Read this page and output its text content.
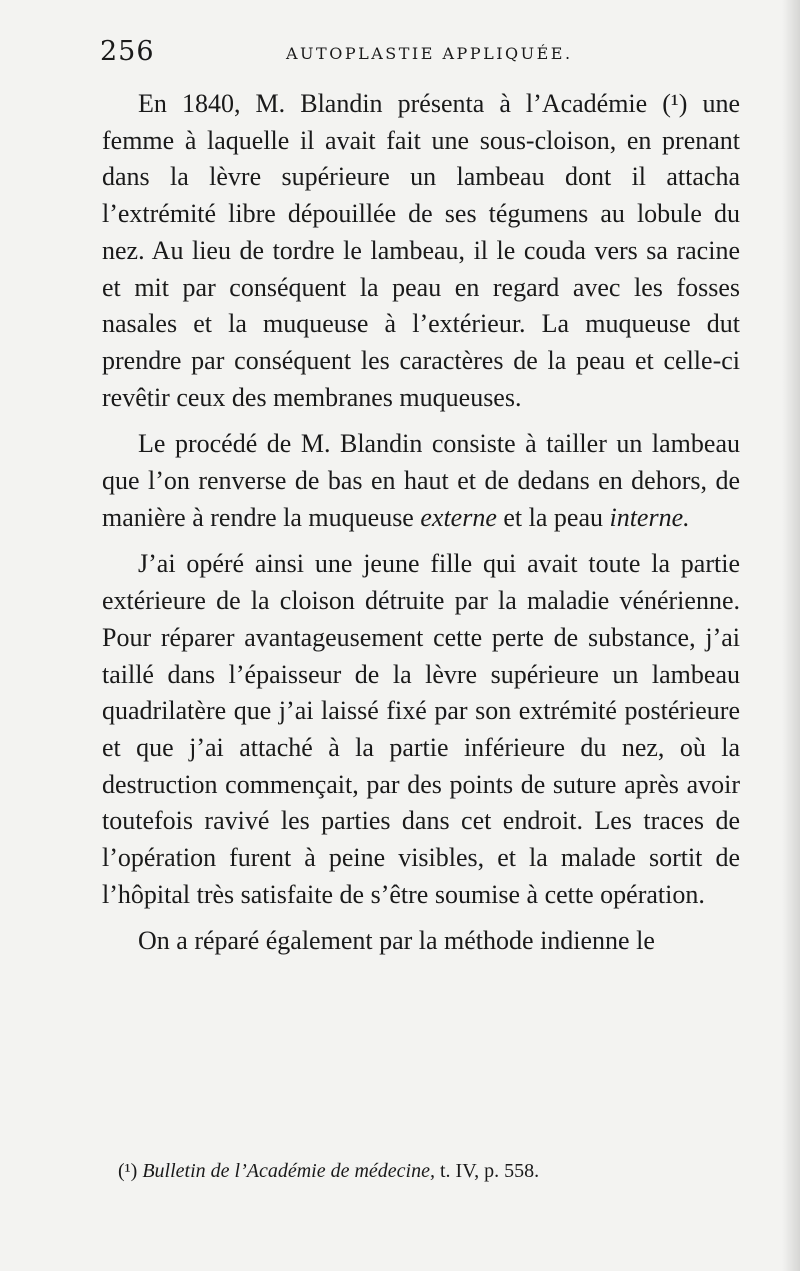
256	AUTOPLASTIE APPLIQUÉE.

En 1840, M. Blandin présenta à l’Académie (¹) une femme à laquelle il avait fait une sous-cloison, en prenant dans la lèvre supérieure un lambeau dont il attacha l’extrémité libre dépouillée de ses tégumens au lobule du nez. Au lieu de tordre le lambeau, il le couda vers sa racine et mit par conséquent la peau en regard avec les fosses nasales et la muqueuse à l’extérieur. La muqueuse dut prendre par conséquent les caractères de la peau et celle-ci revêtir ceux des membranes muqueuses.

Le procédé de M. Blandin consiste à tailler un lambeau que l’on renverse de bas en haut et de dedans en dehors, de manière à rendre la muqueuse externe et la peau interne.

J’ai opéré ainsi une jeune fille qui avait toute la partie extérieure de la cloison détruite par la maladie vénérienne. Pour réparer avantageusement cette perte de substance, j’ai taillé dans l’épaisseur de la lèvre supérieure un lambeau quadrilatère que j’ai laissé fixé par son extrémité postérieure et que j’ai attaché à la partie inférieure du nez, où la destruction commençait, par des points de suture après avoir toutefois ravivé les parties dans cet endroit. Les traces de l’opération furent à peine visibles, et la malade sortit de l’hôpital très satisfaite de s’être soumise à cette opération.

On a réparé également par la méthode indienne le

(¹) Bulletin de l’Académie de médecine, t. IV, p. 558.
